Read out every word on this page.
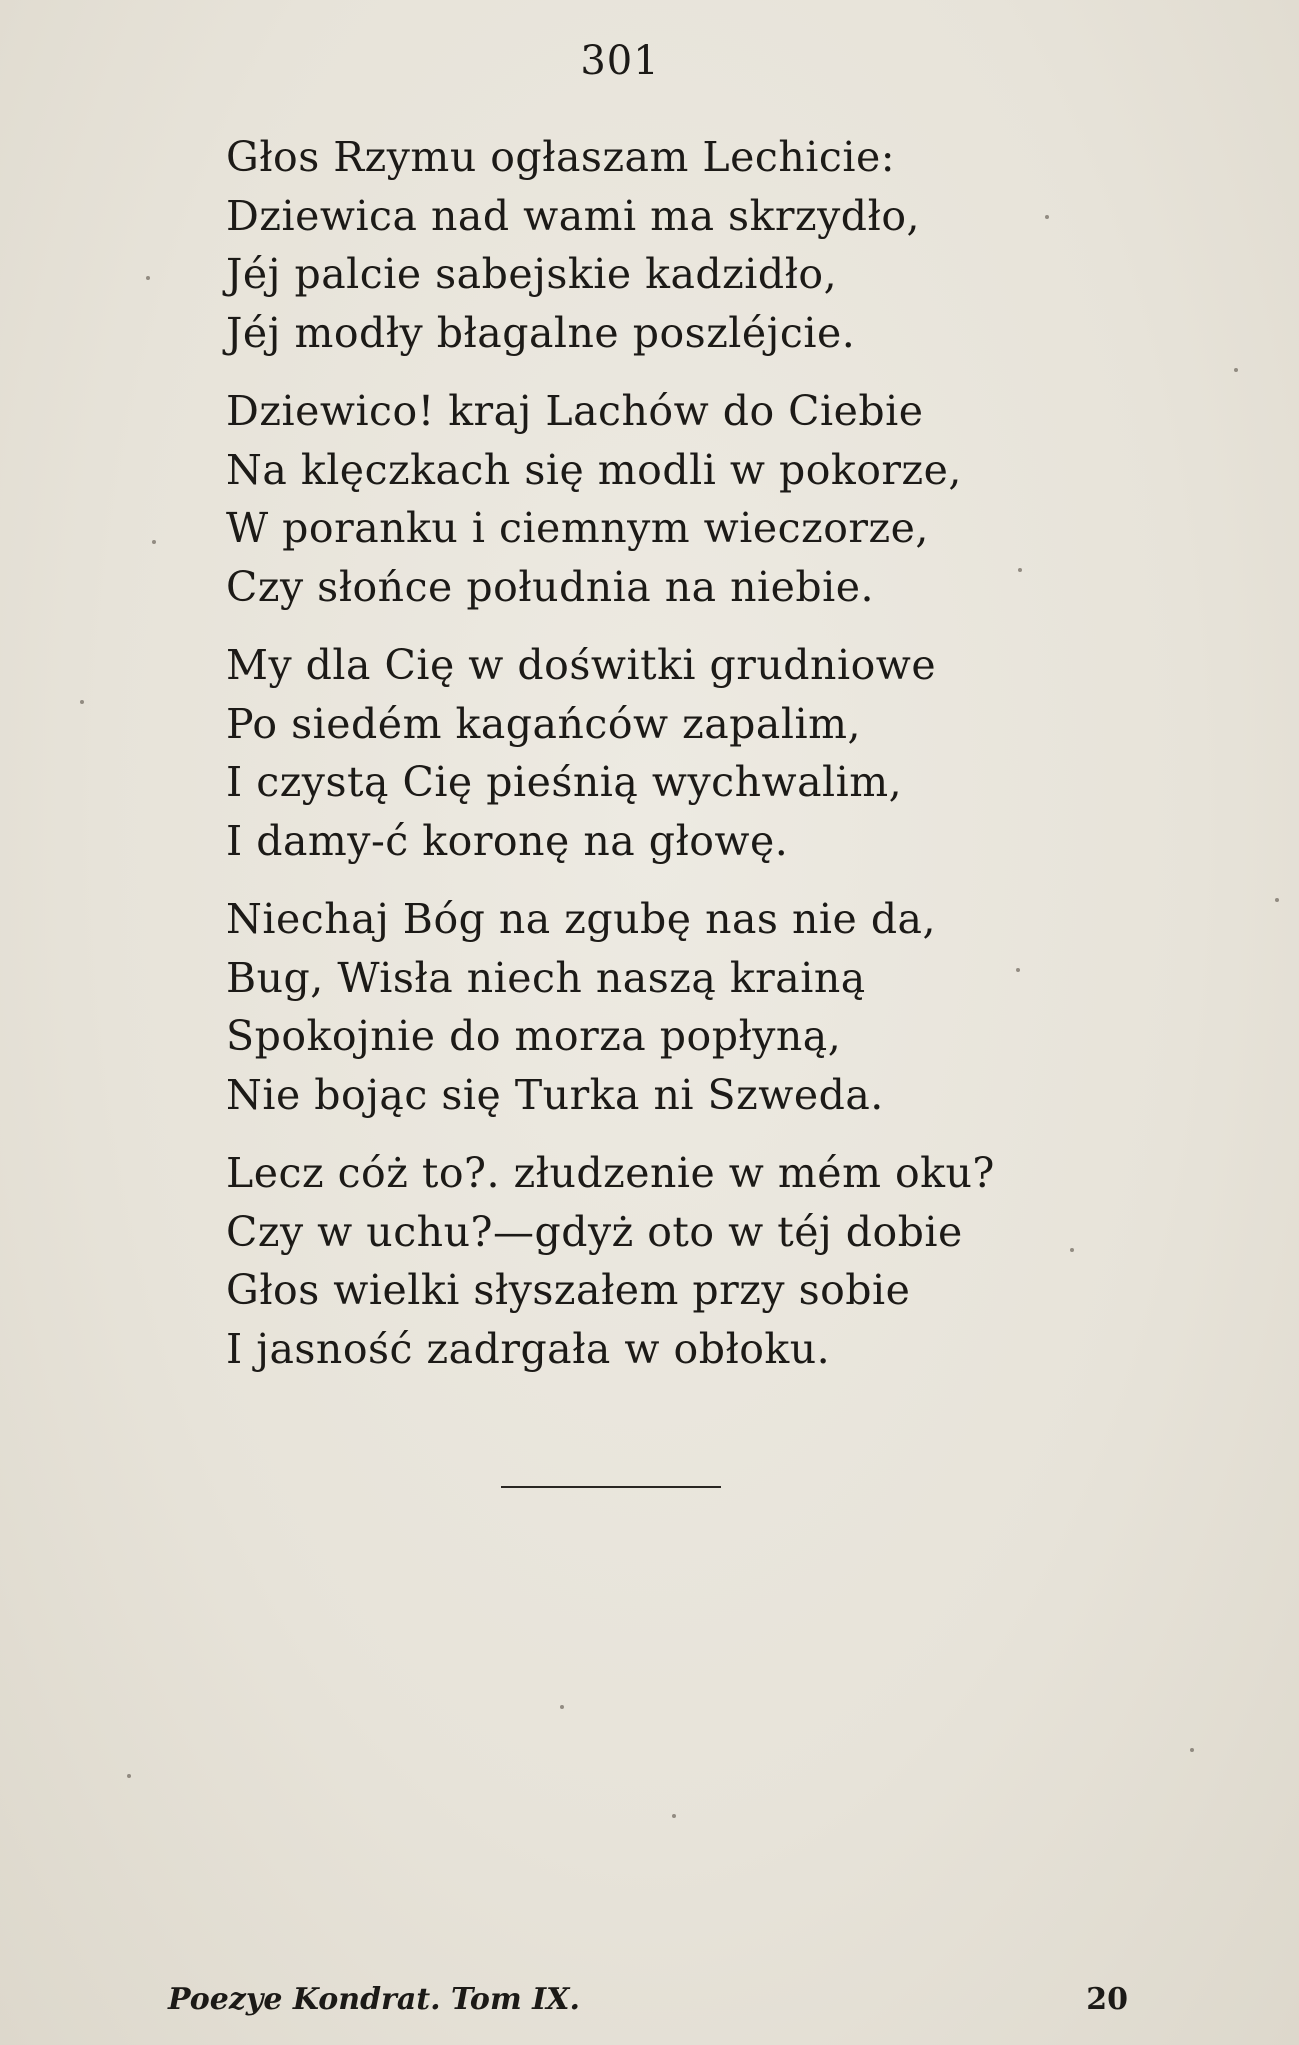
301
Głos Rzymu ogłaszam Lechicie:
Dziewica nad wami ma skrzydło,
Jéj palcie sabejskie kadzidło,
Jéj modły błagalne poszléjcie.
Dziewico! kraj Lachów do Ciebie
Na klęczkach się modli w pokorze,
W poranku i ciemnym wieczorze,
Czy słońce południa na niebie.
My dla Cię w doświtki grudniowe
Po siedém kagańców zapalim,
I czystą Cię pieśnią wychwalim,
I damy-ć koronę na głowę.
Niechaj Bóg na zgubę nas nie da,
Bug, Wisła niech naszą krainą
Spokojnie do morza popłyną,
Nie bojąc się Turka ni Szweda.
Lecz cóż to?. złudzenie w mém oku?
Czy w uchu?—gdyż oto w téj dobie
Głos wielki słyszałem przy sobie
I jasność zadrgała w obłoku.
Poezye Kondrat. Tom IX.	20
